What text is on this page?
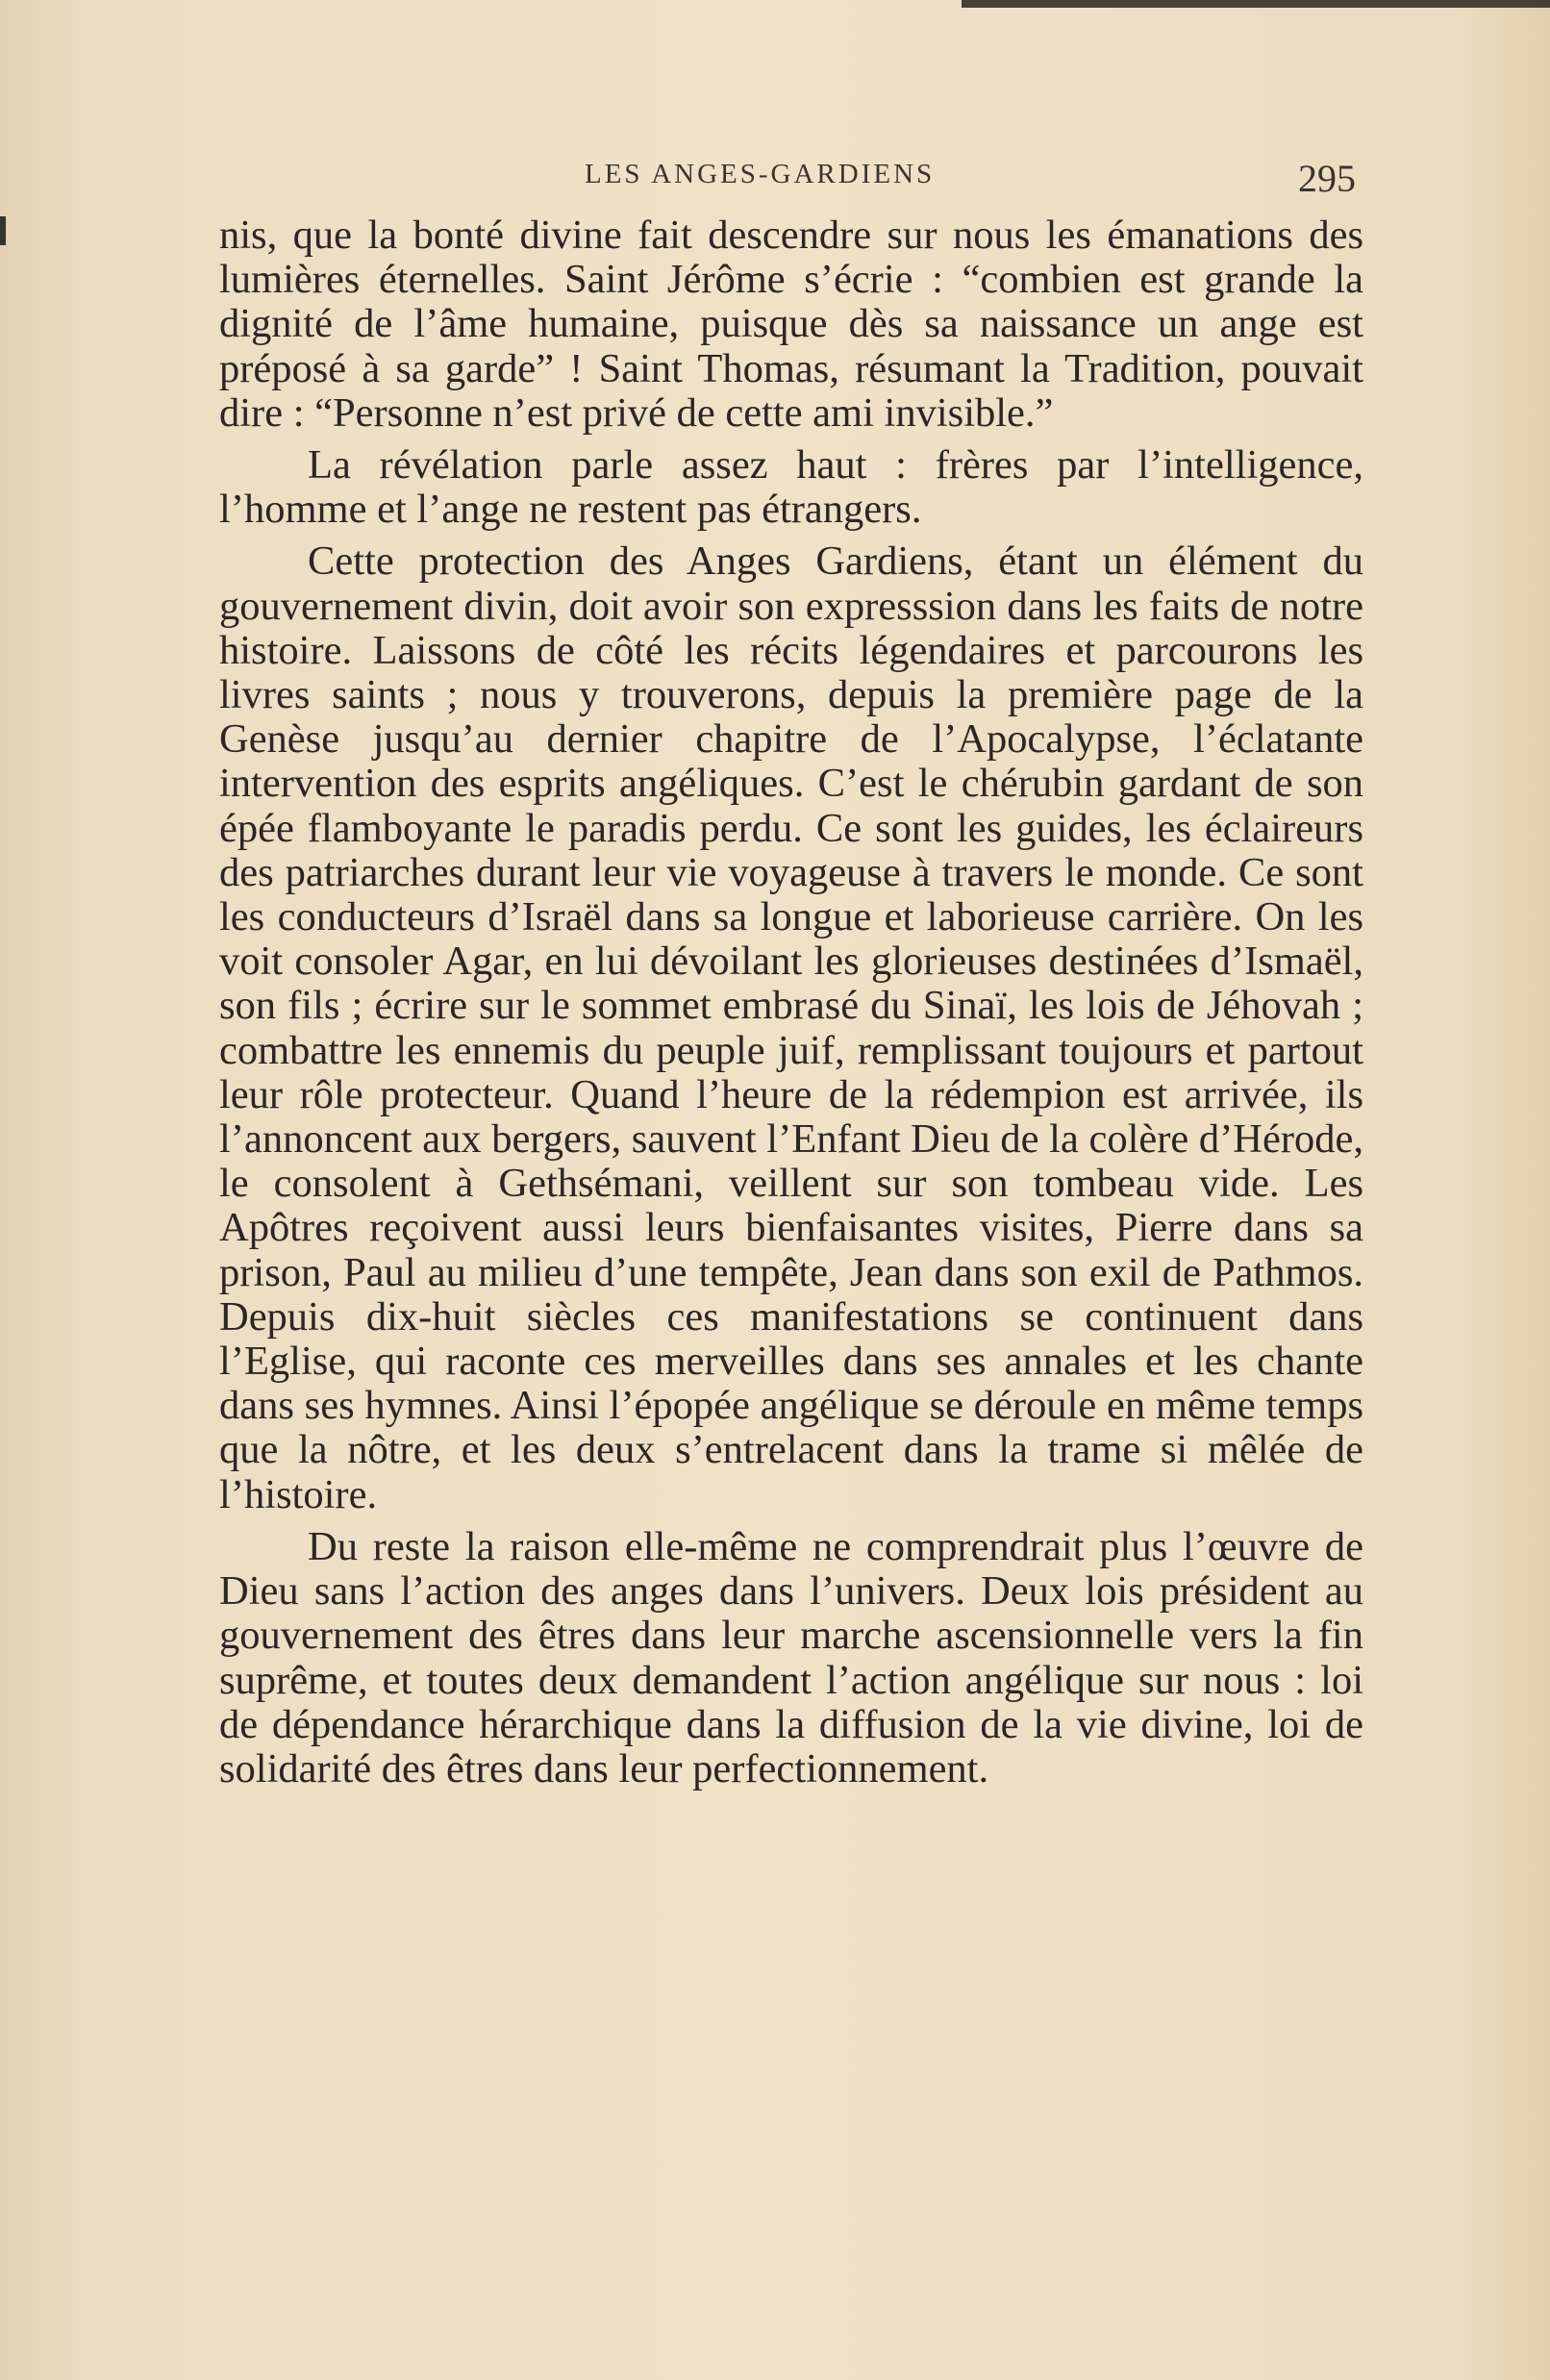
LES ANGES-GARDIENS	295

nis, que la bonté divine fait descendre sur nous les émanations des lumières éternelles. Saint Jérôme s’écrie : “combien est grande la dignité de l’âme humaine, puisque dès sa naissance un ange est préposé à sa garde” ! Saint Thomas, résumant la Tradition, pouvait dire : “Personne n’est privé de cette ami invisible.”

La révélation parle assez haut : frères par l’intelligence, l’homme et l’ange ne restent pas étrangers.

Cette protection des Anges Gardiens, étant un élément du gouvernement divin, doit avoir son expresssion dans les faits de notre histoire. Laissons de côté les récits légendaires et parcourons les livres saints ; nous y trouverons, depuis la première page de la Genèse jusqu’au dernier chapitre de l’Apocalypse, l’éclatante intervention des esprits angéliques. C’est le chérubin gardant de son épée flamboyante le paradis perdu. Ce sont les guides, les éclaireurs des patriarches durant leur vie voyageuse à travers le monde. Ce sont les conducteurs d’Israël dans sa longue et laborieuse carrière. On les voit consoler Agar, en lui dévoilant les glorieuses destinées d’Ismaël, son fils ; écrire sur le sommet embrasé du Sinaï, les lois de Jéhovah ; combattre les ennemis du peuple juif, remplissant toujours et partout leur rôle protecteur. Quand l’heure de la rédempion est arrivée, ils l’annoncent aux bergers, sauvent l’Enfant Dieu de la colère d’Hérode, le consolent à Gethsémani, veillent sur son tombeau vide. Les Apôtres reçoivent aussi leurs bienfaisantes visites, Pierre dans sa prison, Paul au milieu d’une tempête, Jean dans son exil de Pathmos. Depuis dix-huit siècles ces manifestations se continuent dans l’Eglise, qui raconte ces merveilles dans ses annales et les chante dans ses hymnes. Ainsi l’épopée angélique se déroule en même temps que la nôtre, et les deux s’entrelacent dans la trame si mêlée de l’histoire.

Du reste la raison elle-même ne comprendrait plus l’œuvre de Dieu sans l’action des anges dans l’univers. Deux lois président au gouvernement des êtres dans leur marche ascensionnelle vers la fin suprême, et toutes deux demandent l’action angélique sur nous : loi de dépendance hérarchique dans la diffusion de la vie divine, loi de solidarité des êtres dans leur perfectionnement.
